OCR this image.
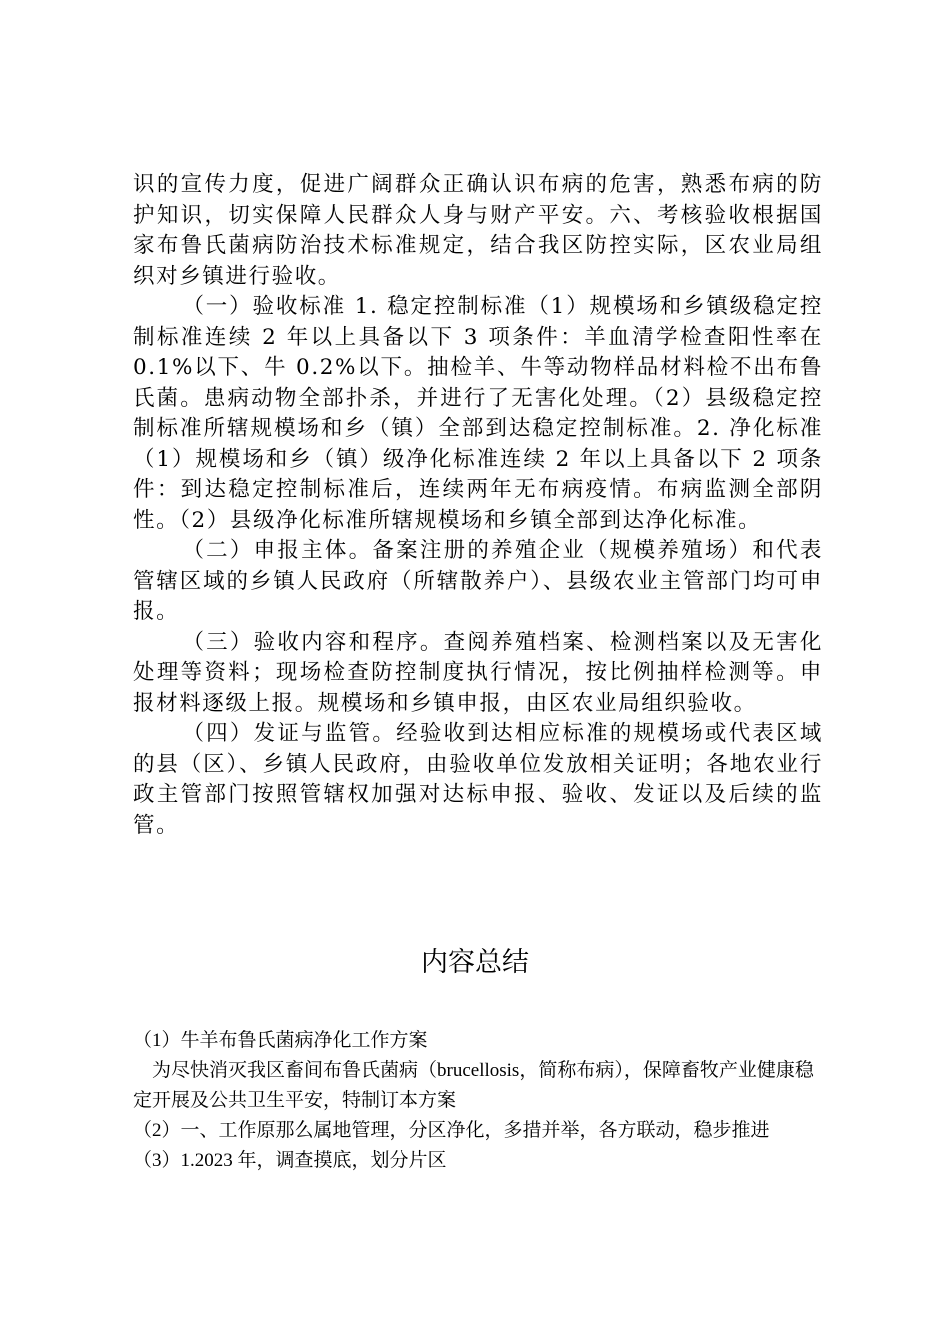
识的宣传力度，促进广阔群众正确认识布病的危害，熟悉布病的防护知识，切实保障人民群众人身与财产平安。六、考核验收根据国家布鲁氏菌病防治技术标准规定，结合我区防控实际，区农业局组织对乡镇进行验收。

（一）验收标准 1. 稳定控制标准（1）规模场和乡镇级稳定控制标准连续 2 年以上具备以下 3 项条件：羊血清学检查阳性率在 0.1%以下、牛 0.2%以下。抽检羊、牛等动物样品材料检不出布鲁氏菌。患病动物全部扑杀，并进行了无害化处理。（2）县级稳定控制标准所辖规模场和乡（镇）全部到达稳定控制标准。2. 净化标准（1）规模场和乡（镇）级净化标准连续 2 年以上具备以下 2 项条件：到达稳定控制标准后，连续两年无布病疫情。布病监测全部阴性。（2）县级净化标准所辖规模场和乡镇全部到达净化标准。

（二）申报主体。备案注册的养殖企业（规模养殖场）和代表管辖区域的乡镇人民政府（所辖散养户）、县级农业主管部门均可申报。

（三）验收内容和程序。查阅养殖档案、检测档案以及无害化处理等资料；现场检查防控制度执行情况，按比例抽样检测等。申报材料逐级上报。规模场和乡镇申报，由区农业局组织验收。

（四）发证与监管。经验收到达相应标准的规模场或代表区域的县（区）、乡镇人民政府，由验收单位发放相关证明；各地农业行政主管部门按照管辖权加强对达标申报、验收、发证以及后续的监管。

内容总结

（1）牛羊布鲁氏菌病净化工作方案

为尽快消灭我区畜间布鲁氏菌病（brucellosis，简称布病），保障畜牧产业健康稳定开展及公共卫生平安，特制订本方案

（2）一、工作原那么属地管理，分区净化，多措并举，各方联动，稳步推进

（3）1.2023 年，调查摸底，划分片区
